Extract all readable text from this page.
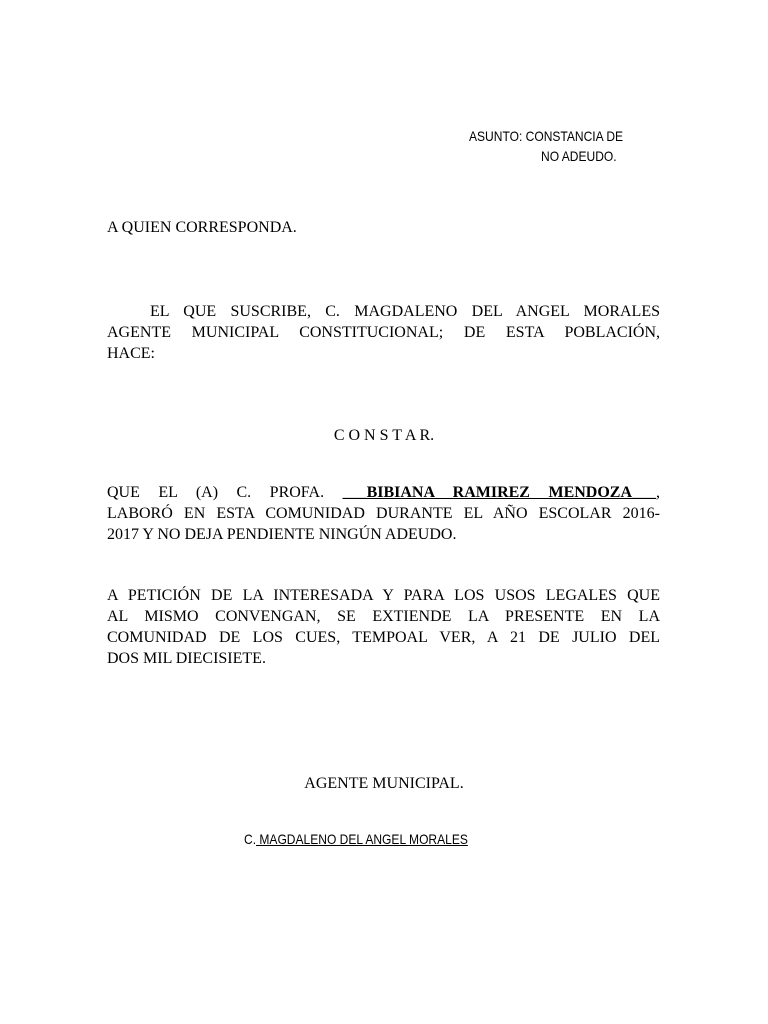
ASUNTO: CONSTANCIA DE
NO ADEUDO.
A QUIEN CORRESPONDA.
EL QUE SUSCRIBE, C. MAGDALENO DEL ANGEL MORALES
AGENTE MUNICIPAL CONSTITUCIONAL; DE ESTA POBLACIÓN,
HACE:
C O N S T A R.
QUE EL (A) C. PROFA. ___BIBIANA RAMIREZ MENDOZA___,
LABORÓ EN ESTA COMUNIDAD DURANTE EL AÑO ESCOLAR 2016-
2017 Y NO DEJA PENDIENTE NINGÚN ADEUDO.
A PETICIÓN DE LA INTERESADA Y PARA LOS USOS LEGALES QUE
AL MISMO CONVENGAN, SE EXTIENDE LA PRESENTE EN LA
COMUNIDAD DE LOS CUES, TEMPOAL VER, A 21 DE JULIO DEL
DOS MIL DIECISIETE.
AGENTE MUNICIPAL.
C. MAGDALENO DEL ANGEL MORALES
